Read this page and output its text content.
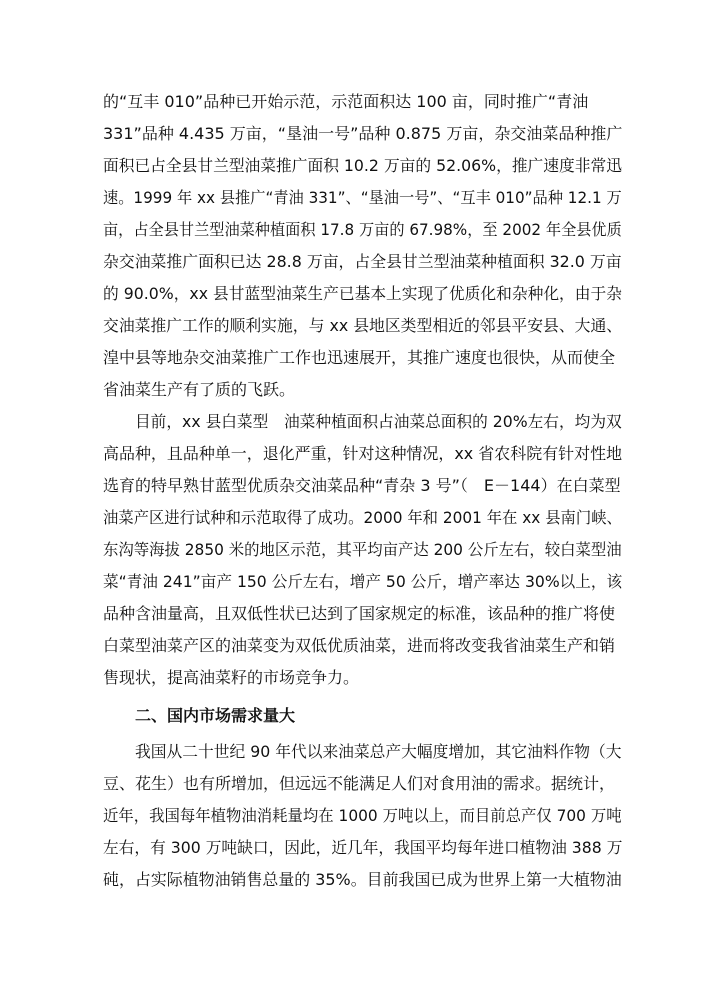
的“互丰 010”品种已开始示范，示范面积达 100 亩，同时推广“青油

331”品种 4.435 万亩，“垦油一号”品种 0.875 万亩，杂交油菜品种推广

面积已占全县甘兰型油菜推广面积 10.2 万亩的 52.06%，推广速度非常迅

速。1999 年 xx 县推广“青油 331”、“垦油一号”、“互丰 010”品种 12.1 万

亩，占全县甘兰型油菜种植面积 17.8 万亩的 67.98%，至 2002 年全县优质

杂交油菜推广面积已达 28.8 万亩，占全县甘兰型油菜种植面积 32.0 万亩

的 90.0%，xx 县甘蓝型油菜生产已基本上实现了优质化和杂种化，由于杂

交油菜推广工作的顺利实施，与 xx 县地区类型相近的邻县平安县、大通、

湟中县等地杂交油菜推广工作也迅速展开，其推广速度也很快，从而使全

省油菜生产有了质的飞跃。

目前，xx 县白菜型　油菜种植面积占油菜总面积的 20%左右，均为双

高品种，且品种单一，退化严重，针对这种情况，xx 省农科院有针对性地

选育的特早熟甘蓝型优质杂交油菜品种“青杂 3 号”（　E－144）在白菜型

油菜产区进行试种和示范取得了成功。2000 年和 2001 年在 xx 县南门峡、

东沟等海拔 2850 米的地区示范，其平均亩产达 200 公斤左右，较白菜型油

菜“青油 241”亩产 150 公斤左右，增产 50 公斤，增产率达 30%以上，该

品种含油量高，且双低性状已达到了国家规定的标准，该品种的推广将使

白菜型油菜产区的油菜变为双低优质油菜，进而将改变我省油菜生产和销

售现状，提高油菜籽的市场竞争力。

二、国内市场需求量大

我国从二十世纪 90 年代以来油菜总产大幅度增加，其它油料作物（大

豆、花生）也有所增加，但远远不能满足人们对食用油的需求。据统计，

近年，我国每年植物油消耗量均在 1000 万吨以上，而目前总产仅 700 万吨

左右，有 300 万吨缺口，因此，近几年，我国平均每年进口植物油 388 万

砘，占实际植物油销售总量的 35%。目前我国已成为世界上第一大植物油
